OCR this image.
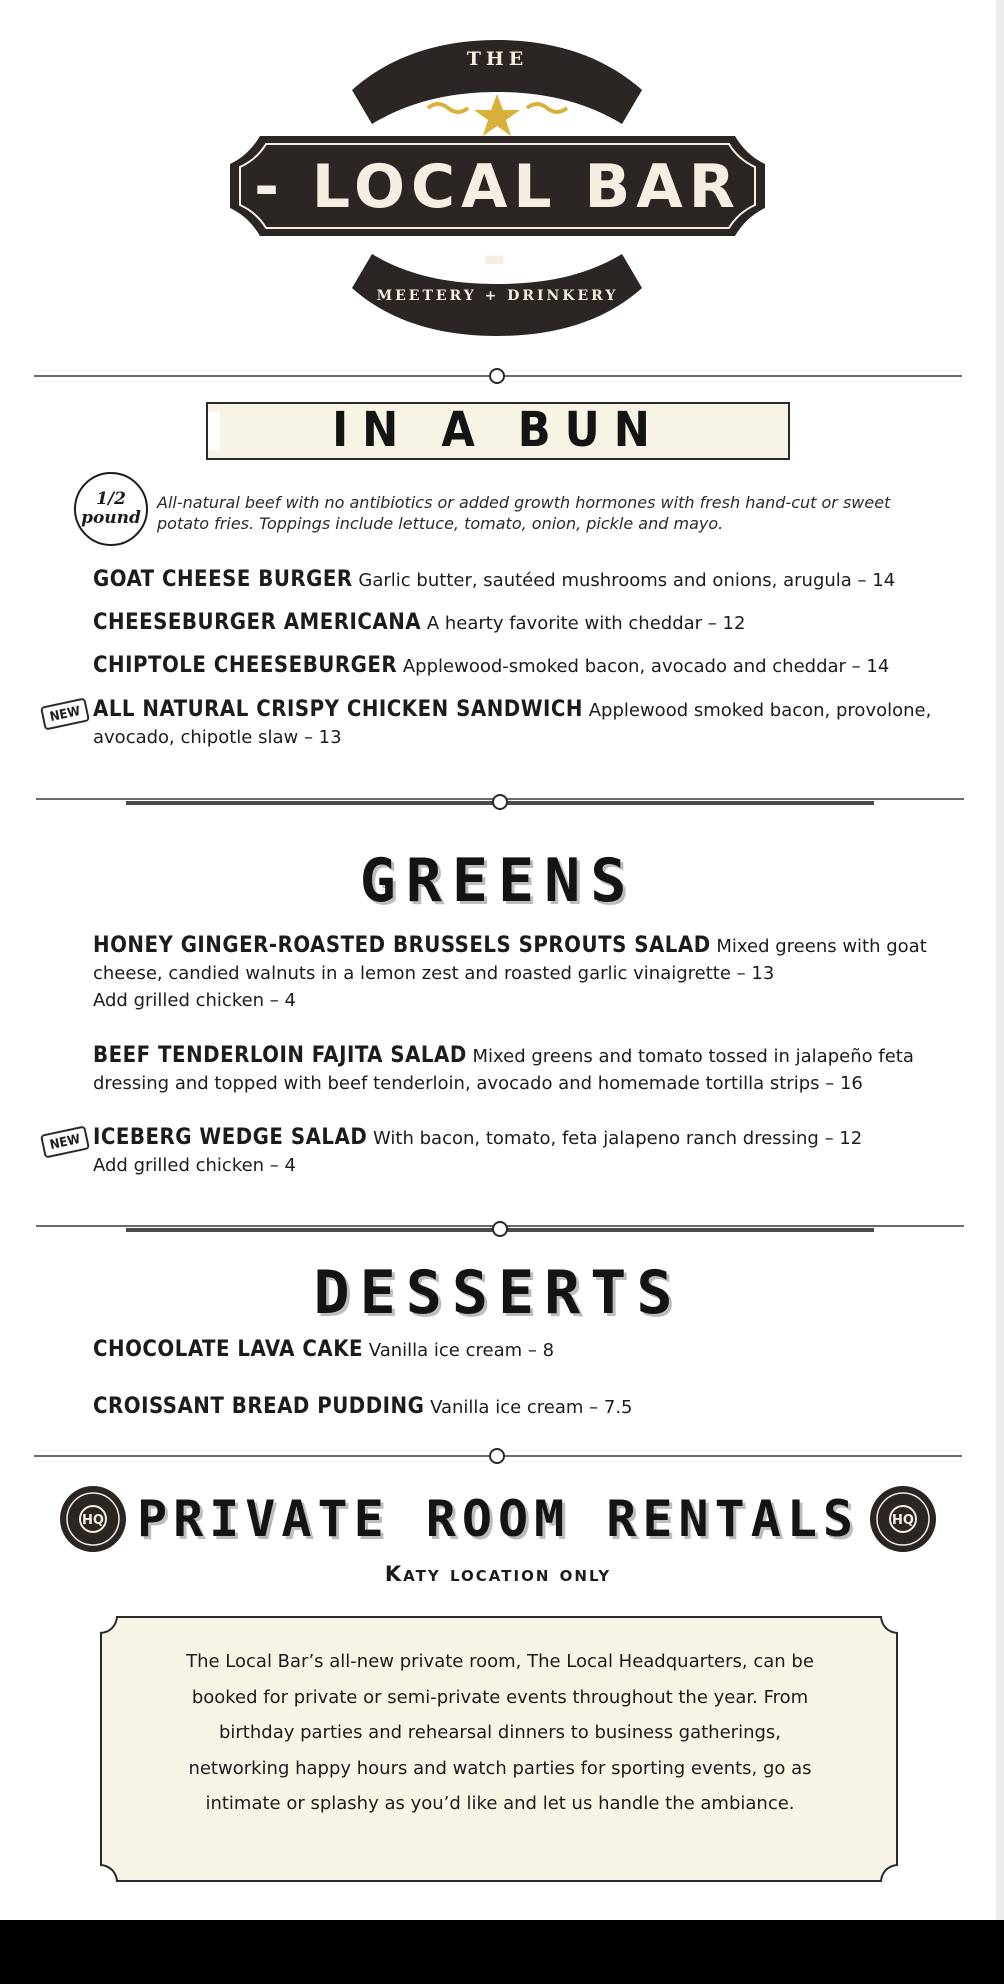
THE
- LOCAL BAR -
MEETERY + DRINKERY
IN A BUN
1/2
pound
All-natural beef with no antibiotics or added growth hormones with fresh hand-cut or sweet potato fries. Toppings include lettuce, tomato, onion, pickle and mayo.
GOAT CHEESE BURGER Garlic butter, sautéed mushrooms and onions, arugula – 14
CHEESEBURGER AMERICANA A hearty favorite with cheddar – 12
CHIPTOLE CHEESEBURGER Applewood-smoked bacon, avocado and cheddar – 14
NEW ALL NATURAL CRISPY CHICKEN SANDWICH Applewood smoked bacon, provolone, avocado, chipotle slaw – 13
GREENS
HONEY GINGER-ROASTED BRUSSELS SPROUTS SALAD Mixed greens with goat cheese, candied walnuts in a lemon zest and roasted garlic vinaigrette – 13
Add grilled chicken – 4
BEEF TENDERLOIN FAJITA SALAD Mixed greens and tomato tossed in jalapeño feta dressing and topped with beef tenderloin, avocado and homemade tortilla strips – 16
NEW ICEBERG WEDGE SALAD With bacon, tomato, feta jalapeno ranch dressing – 12
Add grilled chicken – 4
DESSERTS
CHOCOLATE LAVA CAKE Vanilla ice cream – 8
CROISSANT BREAD PUDDING Vanilla ice cream – 7.5
HQ	HQ
PRIVATE ROOM RENTALS
Katy location only
The Local Bar’s all-new private room, The Local Headquarters, can be booked for private or semi-private events throughout the year. From birthday parties and rehearsal dinners to business gatherings, networking happy hours and watch parties for sporting events, go as intimate or splashy as you’d like and let us handle the ambiance.
